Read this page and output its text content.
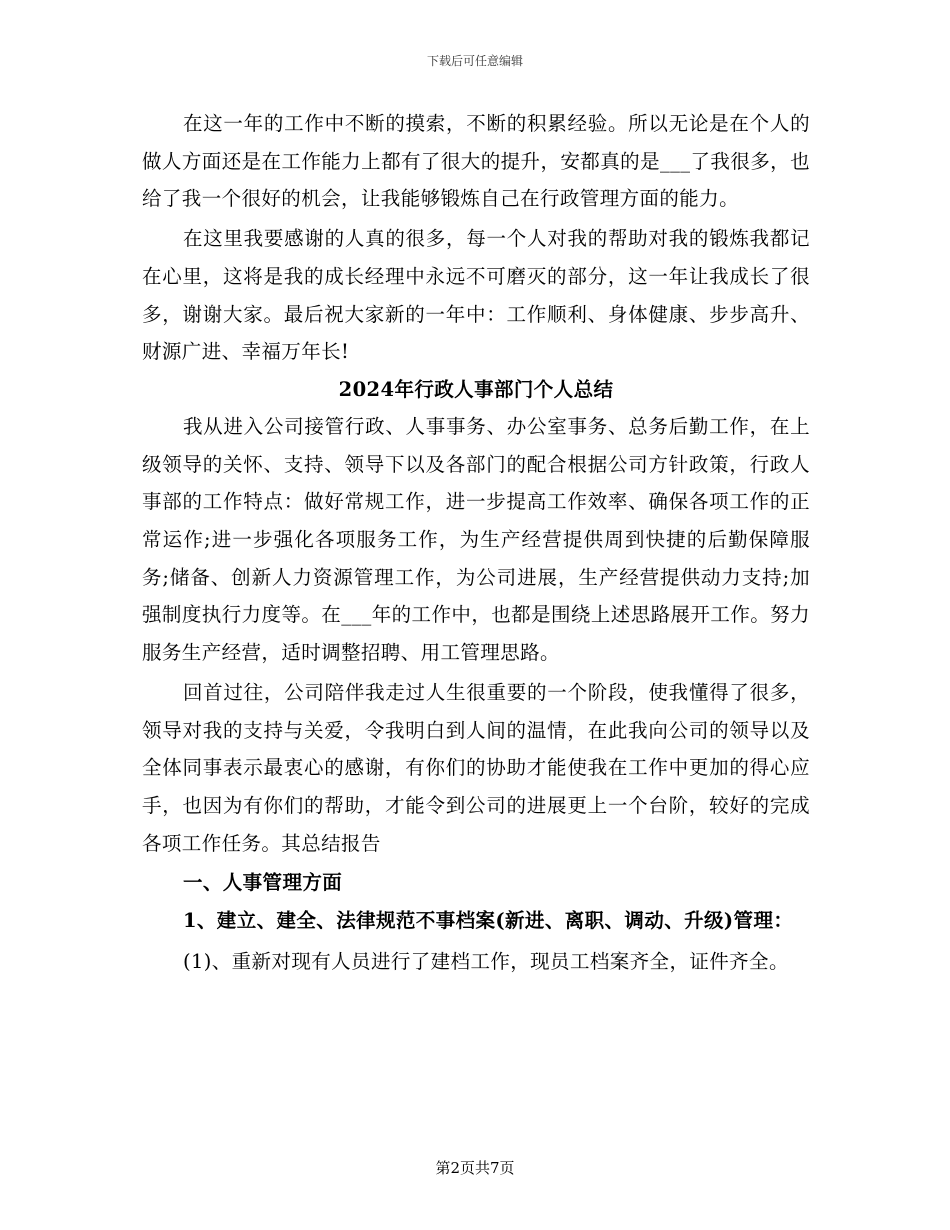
下载后可任意编辑

在这一年的工作中不断的摸索，不断的积累经验。所以无论是在个人的做人方面还是在工作能力上都有了很大的提升，安都真的是___了我很多，也给了我一个很好的机会，让我能够锻炼自己在行政管理方面的能力。

在这里我要感谢的人真的很多，每一个人对我的帮助对我的锻炼我都记在心里，这将是我的成长经理中永远不可磨灭的部分，这一年让我成长了很多，谢谢大家。最后祝大家新的一年中：工作顺利、身体健康、步步高升、财源广进、幸福万年长!

2024年行政人事部门个人总结

我从进入公司接管行政、人事事务、办公室事务、总务后勤工作，在上级领导的关怀、支持、领导下以及各部门的配合根据公司方针政策，行政人事部的工作特点：做好常规工作，进一步提高工作效率、确保各项工作的正常运作;进一步强化各项服务工作，为生产经营提供周到快捷的后勤保障服务;储备、创新人力资源管理工作，为公司进展，生产经营提供动力支持;加强制度执行力度等。在___年的工作中，也都是围绕上述思路展开工作。努力服务生产经营，适时调整招聘、用工管理思路。

回首过往，公司陪伴我走过人生很重要的一个阶段，使我懂得了很多，领导对我的支持与关爱，令我明白到人间的温情，在此我向公司的领导以及全体同事表示最衷心的感谢，有你们的协助才能使我在工作中更加的得心应手，也因为有你们的帮助，才能令到公司的进展更上一个台阶，较好的完成各项工作任务。其总结报告

一、人事管理方面

1、建立、建全、法律规范不事档案(新进、离职、调动、升级)管理：

(1)、重新对现有人员进行了建档工作，现员工档案齐全，证件齐全。

第2页共7页
